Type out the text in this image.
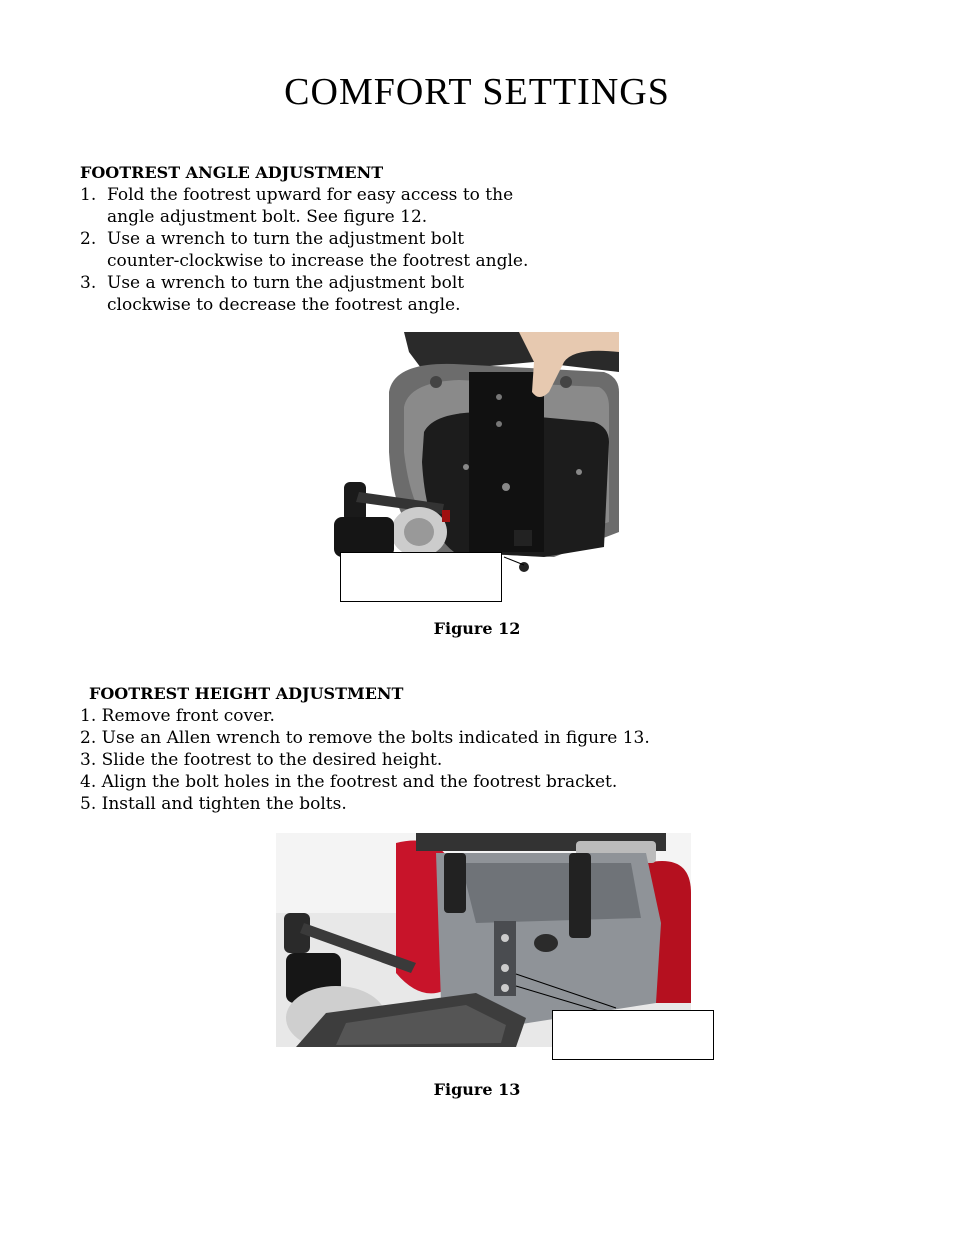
COMFORT SETTINGS
FOOTREST ANGLE ADJUSTMENT
1. Fold the footrest upward for easy access to the
angle adjustment bolt. See figure 12.
2. Use a wrench to turn the adjustment bolt
counter-clockwise to increase the footrest angle.
3. Use a wrench to turn the adjustment bolt
clockwise to decrease the footrest angle.

Figure 12

FOOTREST HEIGHT ADJUSTMENT
1. Remove front cover.
2. Use an Allen wrench to remove the bolts indicated in figure 13.
3. Slide the footrest to the desired height.
4. Align the bolt holes in the footrest and the footrest bracket.
5. Install and tighten the bolts.

Figure 13
